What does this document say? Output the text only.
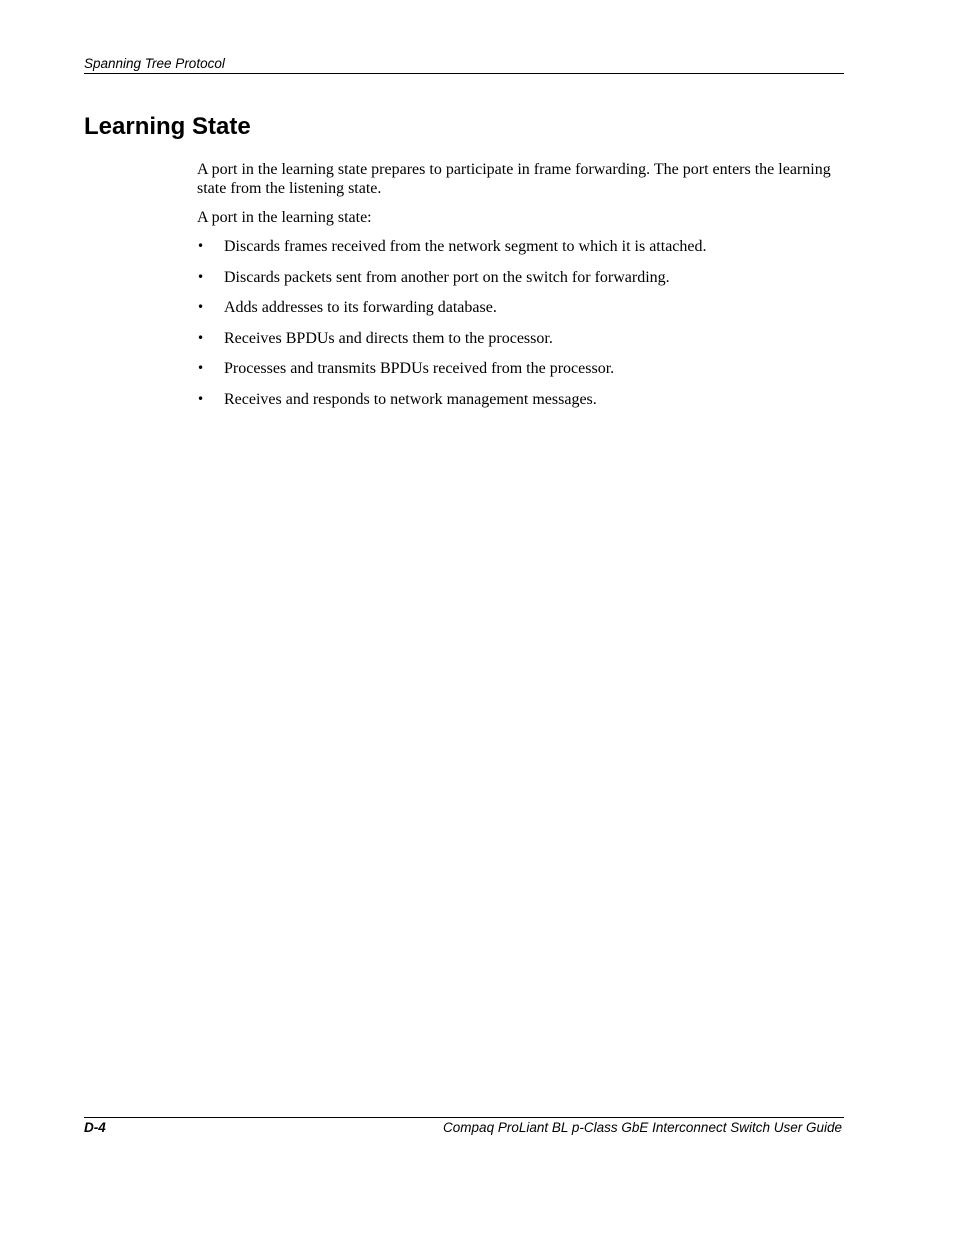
Spanning Tree Protocol
Learning State

A port in the learning state prepares to participate in frame forwarding. The port enters the learning state from the listening state.

A port in the learning state:

• Discards frames received from the network segment to which it is attached.
• Discards packets sent from another port on the switch for forwarding.
• Adds addresses to its forwarding database.
• Receives BPDUs and directs them to the processor.
• Processes and transmits BPDUs received from the processor.
• Receives and responds to network management messages.
D-4	Compaq ProLiant BL p-Class GbE Interconnect Switch User Guide
